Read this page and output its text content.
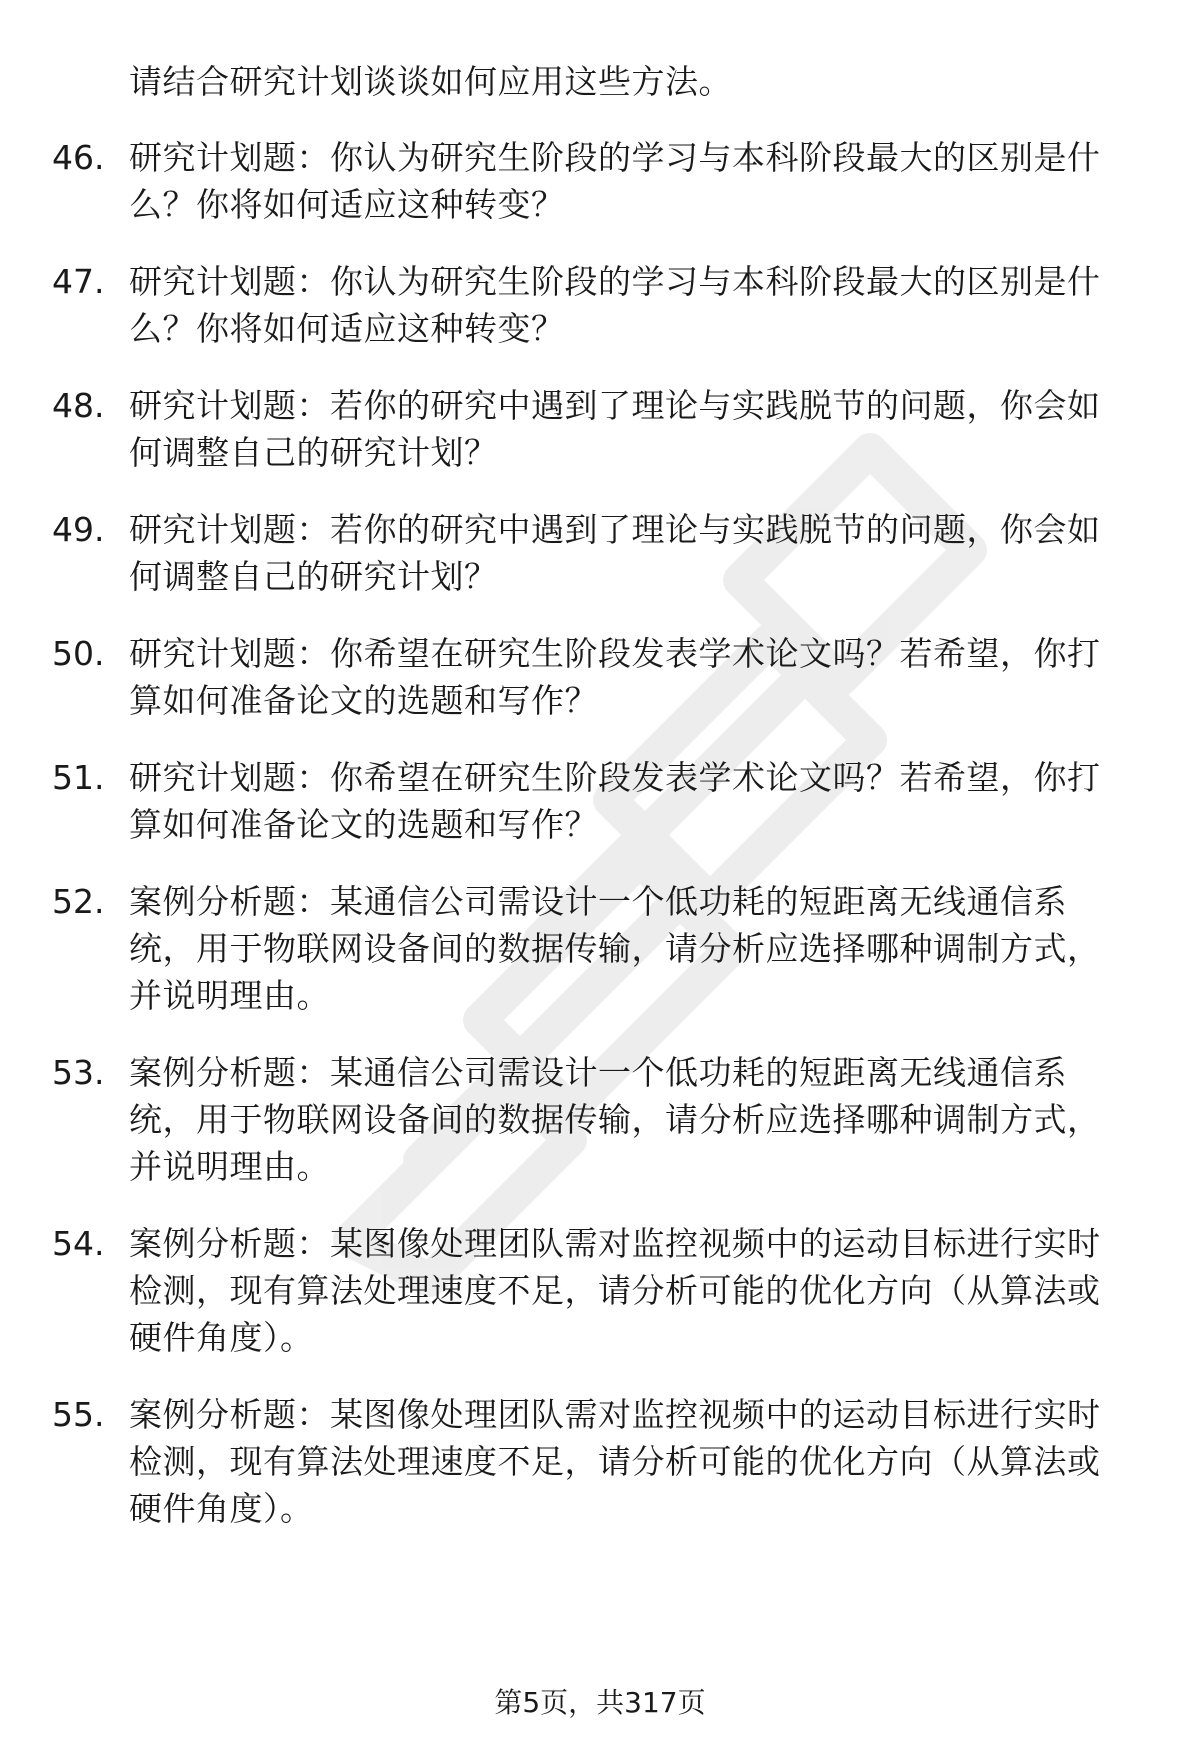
请结合研究计划谈谈如何应用这些方法。
46. 研究计划题：你认为研究生阶段的学习与本科阶段最大的区别是什么？你将如何适应这种转变？
47. 研究计划题：你认为研究生阶段的学习与本科阶段最大的区别是什么？你将如何适应这种转变？
48. 研究计划题：若你的研究中遇到了理论与实践脱节的问题，你会如何调整自己的研究计划？
49. 研究计划题：若你的研究中遇到了理论与实践脱节的问题，你会如何调整自己的研究计划？
50. 研究计划题：你希望在研究生阶段发表学术论文吗？若希望，你打算如何准备论文的选题和写作？
51. 研究计划题：你希望在研究生阶段发表学术论文吗？若希望，你打算如何准备论文的选题和写作？
52. 案例分析题：某通信公司需设计一个低功耗的短距离无线通信系统，用于物联网设备间的数据传输，请分析应选择哪种调制方式，并说明理由。
53. 案例分析题：某通信公司需设计一个低功耗的短距离无线通信系统，用于物联网设备间的数据传输，请分析应选择哪种调制方式，并说明理由。
54. 案例分析题：某图像处理团队需对监控视频中的运动目标进行实时检测，现有算法处理速度不足，请分析可能的优化方向（从算法或硬件角度）。
55. 案例分析题：某图像处理团队需对监控视频中的运动目标进行实时检测，现有算法处理速度不足，请分析可能的优化方向（从算法或硬件角度）。
第5页，共317页
